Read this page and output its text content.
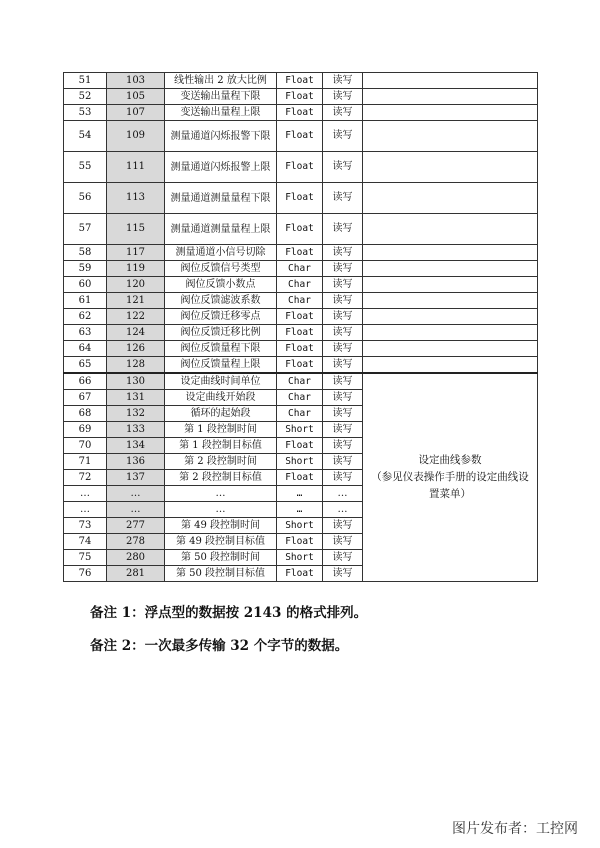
51	103	线性输出 2 放大比例	Float	读写	
52	105	变送输出量程下限	Float	读写	
53	107	变送输出量程上限	Float	读写	
54	109	测量通道闪烁报警下限	Float	读写	
55	111	测量通道闪烁报警上限	Float	读写	
56	113	测量通道测量量程下限	Float	读写	
57	115	测量通道测量量程上限	Float	读写	
58	117	测量通道小信号切除	Float	读写	
59	119	阀位反馈信号类型	Char	读写	
60	120	阀位反馈小数点	Char	读写	
61	121	阀位反馈滤波系数	Char	读写	
62	122	阀位反馈迁移零点	Float	读写	
63	124	阀位反馈迁移比例	Float	读写	
64	126	阀位反馈量程下限	Float	读写	
65	128	阀位反馈量程上限	Float	读写	
66	130	设定曲线时间单位	Char	读写	设定曲线参数
（参见仪表操作手册的设定曲线设置菜单）

67	131	设定曲线开始段	Char	读写	
68	132	循环的起始段	Char	读写	
69	133	第 1 段控制时间	Short	读写	
70	134	第 1 段控制目标值	Float	读写	
71	136	第 2 段控制时间	Short	读写	
72	137	第 2 段控制目标值	Float	读写	
…	…	…	…	…	
…	…	…	…	…	
73	277	第 49 段控制时间	Short	读写	
74	278	第 49 段控制目标值	Float	读写	
75	280	第 50 段控制时间	Short	读写	
76	281	第 50 段控制目标值	Float	读写	
备注 1：浮点型的数据按 2143 的格式排列。
备注 2：一次最多传输 32 个字节的数据。
图片发布者：工控网
